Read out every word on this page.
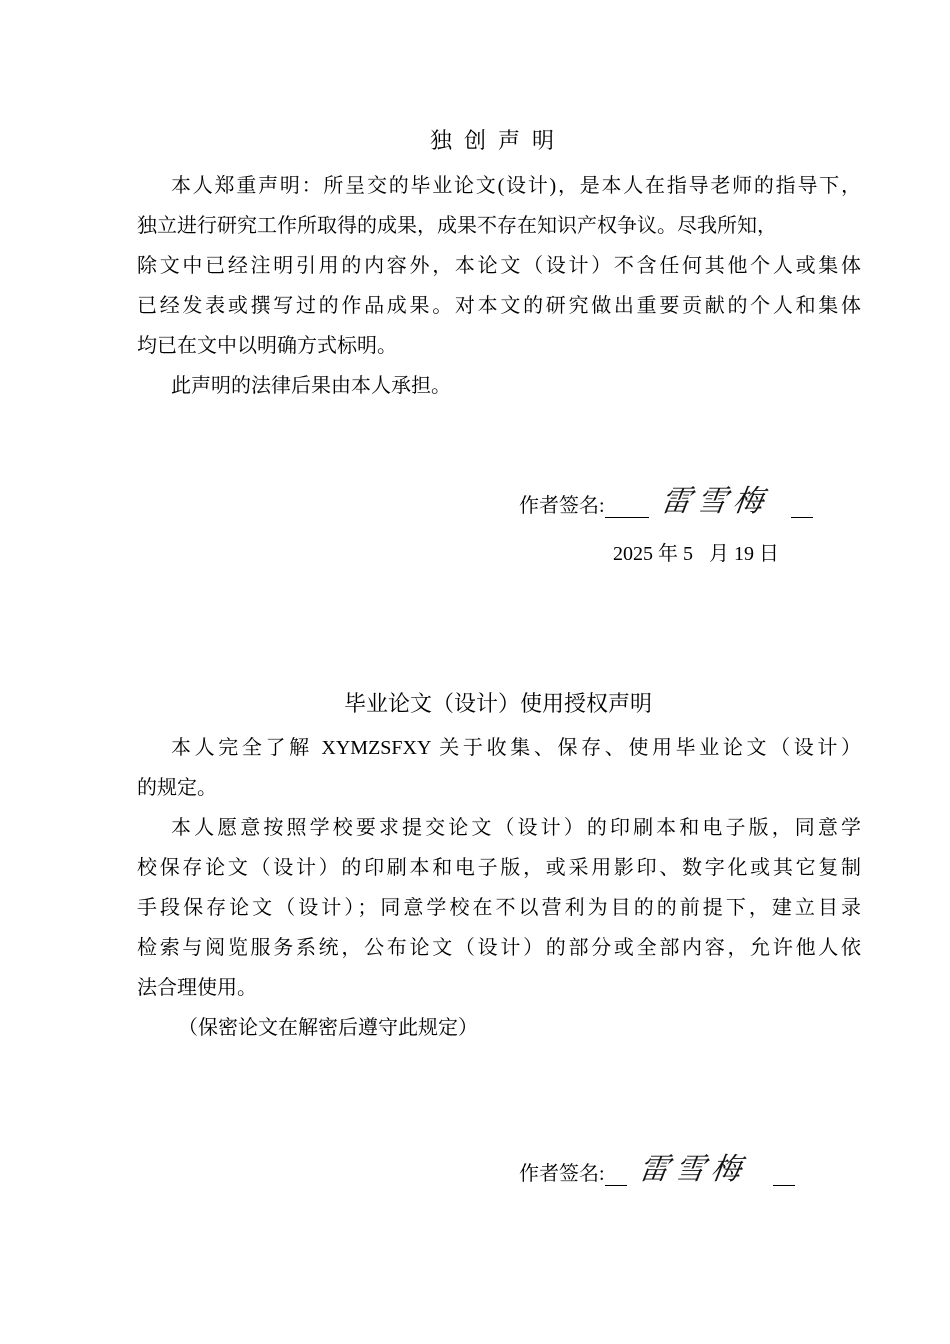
独创声明
本人郑重声明：所呈交的毕业论文(设计)，是本人在指导老师的指导下，
独立进行研究工作所取得的成果，成果不存在知识产权争议。尽我所知，
除文中已经注明引用的内容外，本论文（设计）不含任何其他个人或集体
已经发表或撰写过的作品成果。对本文的研究做出重要贡献的个人和集体
均已在文中以明确方式标明。
此声明的法律后果由本人承担。
作者签名: 雷雪梅
2025 年 5 月 19 日
毕业论文（设计）使用授权声明
本人完全了解 XYMZSFXY 关于收集、保存、使用毕业论文（设计）
的规定。
本人愿意按照学校要求提交论文（设计）的印刷本和电子版，同意学
校保存论文（设计）的印刷本和电子版，或采用影印、数字化或其它复制
手段保存论文（设计）；同意学校在不以营利为目的的前提下，建立目录
检索与阅览服务系统，公布论文（设计）的部分或全部内容，允许他人依
法合理使用。
（保密论文在解密后遵守此规定）
作者签名: 雷雪梅
